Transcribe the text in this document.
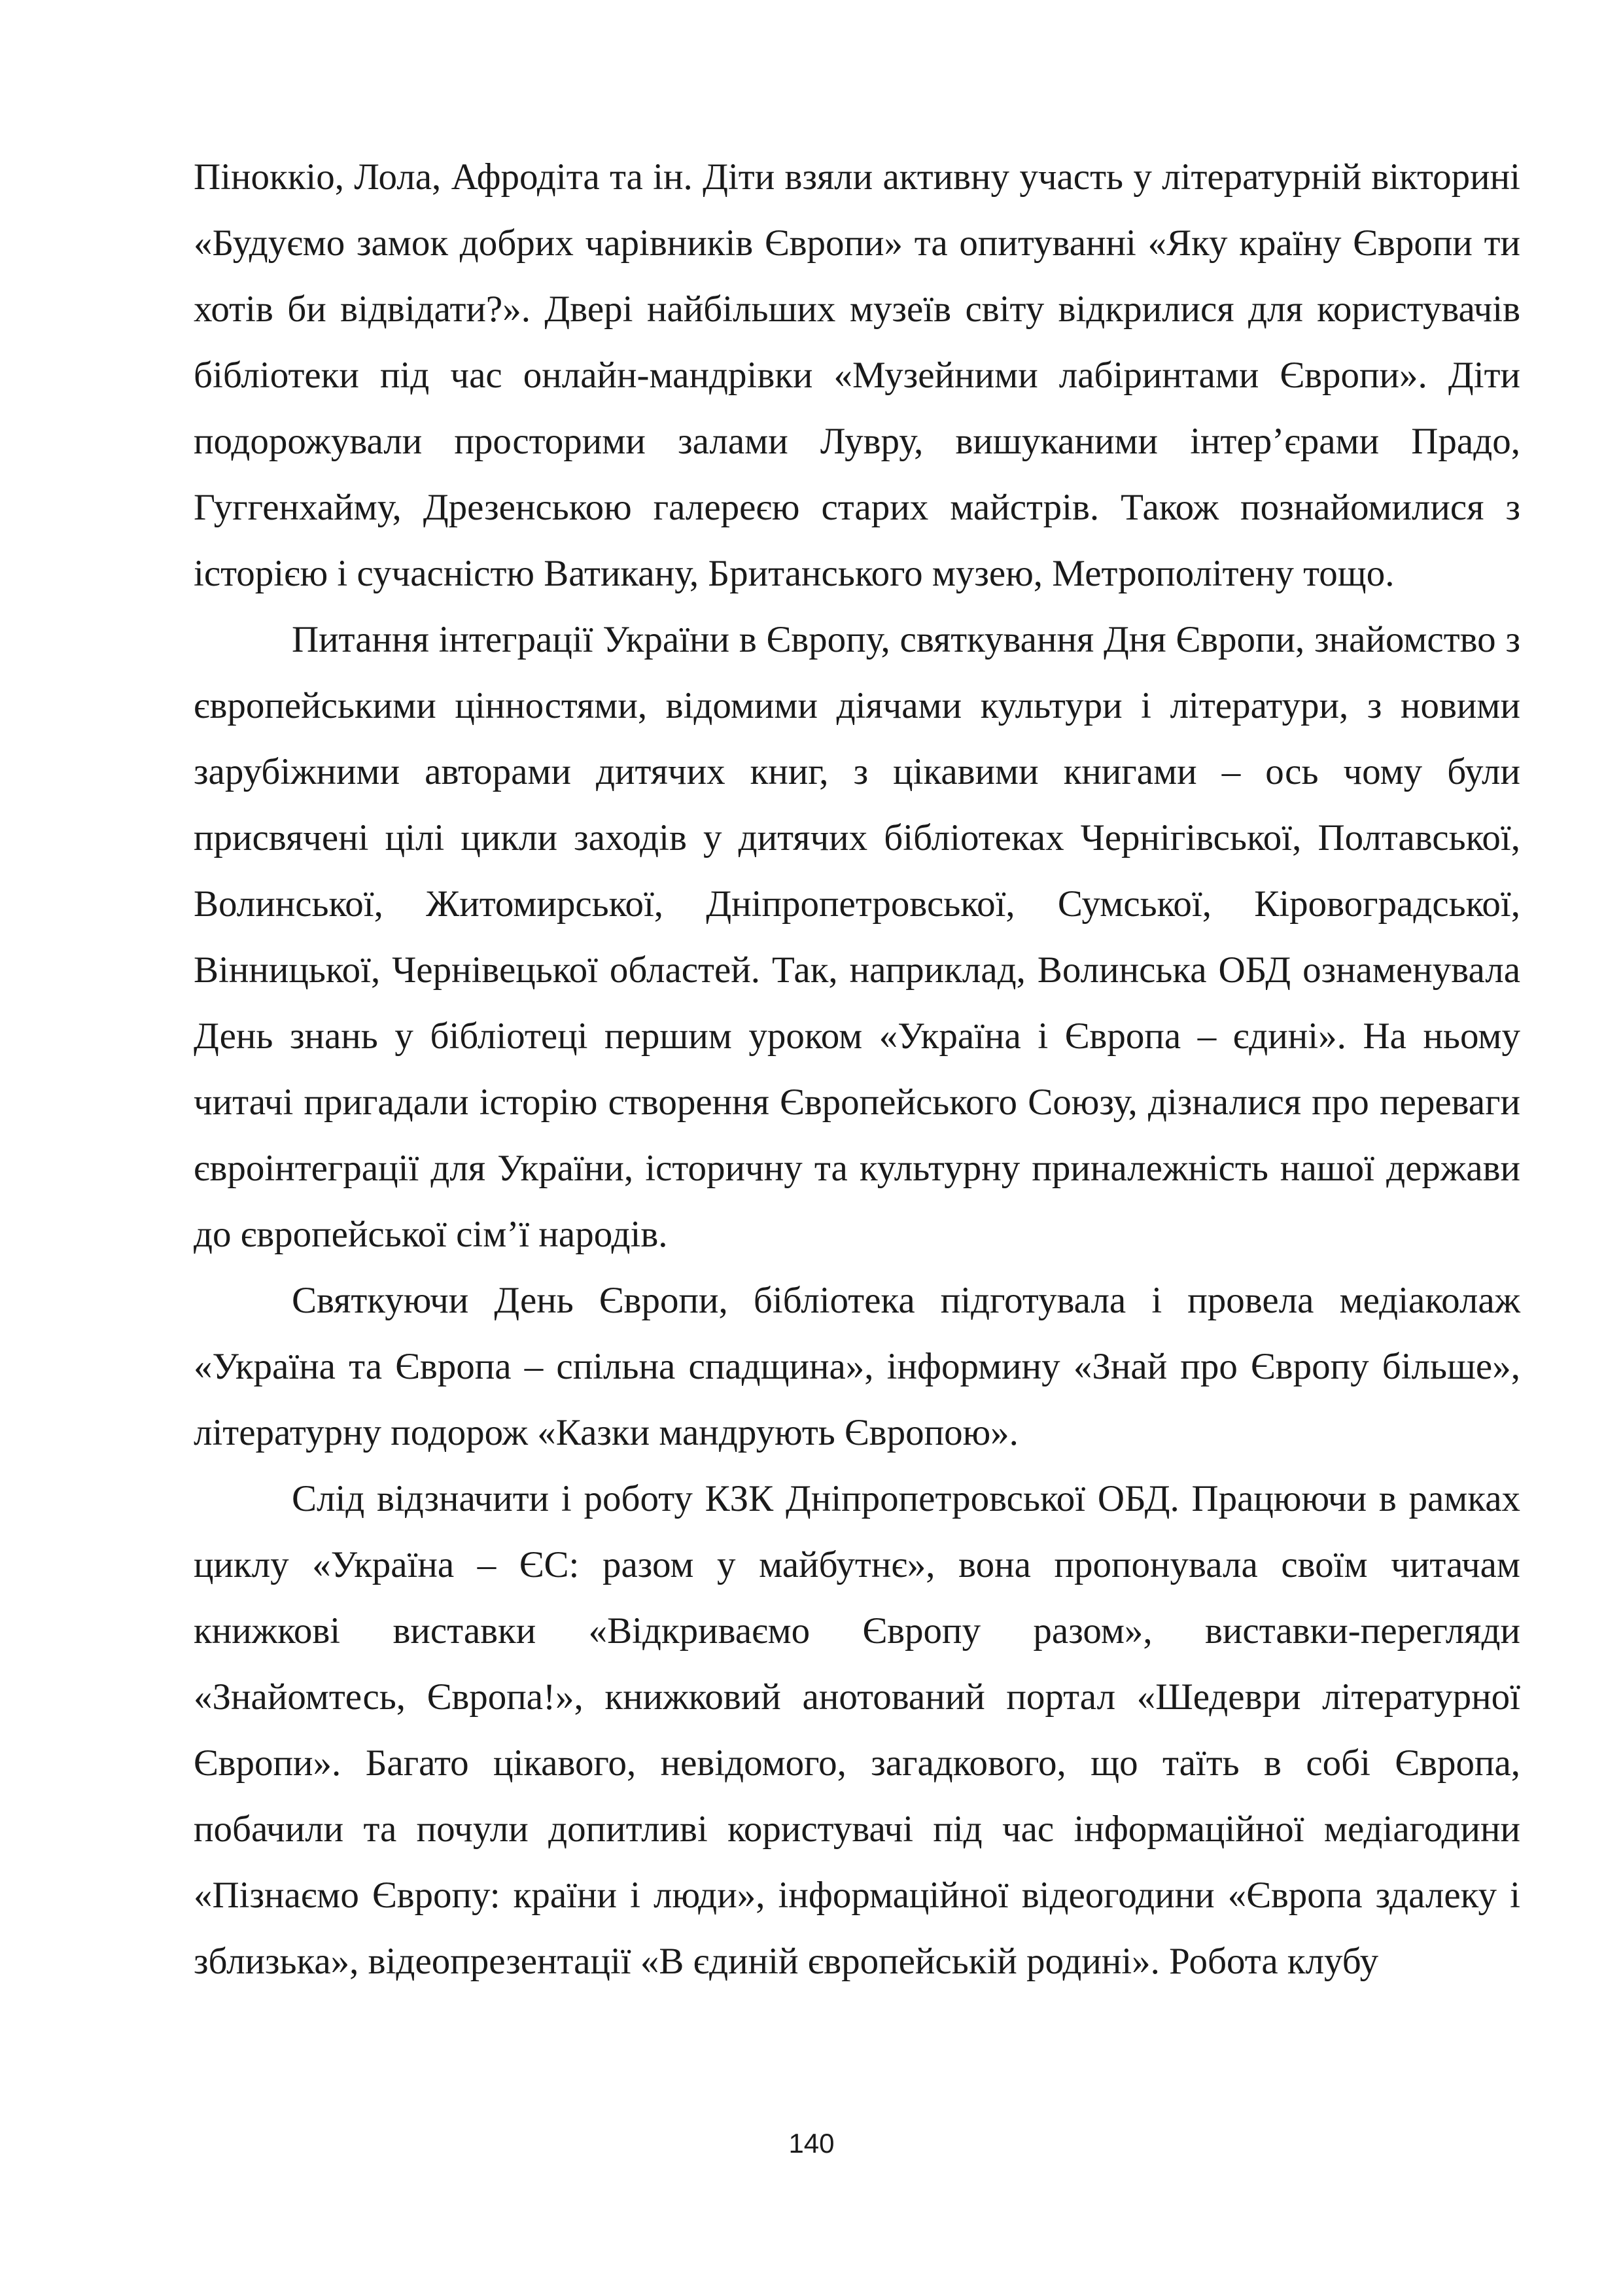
Піноккіо, Лола, Афродіта та ін. Діти взяли активну участь у літературній вікторині «Будуємо замок добрих чарівників Європи» та опитуванні «Яку країну Європи ти хотів би відвідати?». Двері найбільших музеїв світу відкрилися для користувачів бібліотеки під час онлайн-мандрівки «Музейними лабіринтами Європи». Діти подорожували просторими залами Лувру, вишуканими інтер’єрами Прадо, Гуггенхайму, Дрезенською галереєю старих майстрів. Також познайомилися з історією і сучасністю Ватикану, Британського музею, Метрополітену тощо.

Питання інтеграції України в Європу, святкування Дня Європи, знайомство з європейськими цінностями, відомими діячами культури і літератури, з новими зарубіжними авторами дитячих книг, з цікавими книгами – ось чому були присвячені цілі цикли заходів у дитячих бібліотеках Чернігівської, Полтавської, Волинської, Житомирської, Дніпропетровської, Сумської, Кіровоградської, Вінницької, Чернівецької областей. Так, наприклад, Волинська ОБД ознаменувала День знань у бібліотеці першим уроком «Україна і Європа – єдині». На ньому читачі пригадали історію створення Європейського Союзу, дізналися про переваги євроінтеграції для України, історичну та культурну приналежність нашої держави до європейської сім’ї народів.

Святкуючи День Європи, бібліотека підготувала і провела медіаколаж «Україна та Європа – спільна спадщина», інформину «Знай про Європу більше», літературну подорож «Казки мандрують Європою».

Слід відзначити і роботу КЗК Дніпропетровської ОБД. Працюючи в рамках циклу «Україна – ЄС: разом у майбутнє», вона пропонувала своїм читачам книжкові виставки «Відкриваємо Європу разом», виставки-перегляди «Знайомтесь, Європа!», книжковий анотований портал «Шедеври літературної Європи». Багато цікавого, невідомого, загадкового, що таїть в собі Європа, побачили та почули допитливі користувачі під час інформаційної медіагодини «Пізнаємо Європу: країни і люди», інформаційної відеогодини «Європа здалеку і зблизька», відеопрезентації «В єдиній європейській родині». Робота клубу

140
